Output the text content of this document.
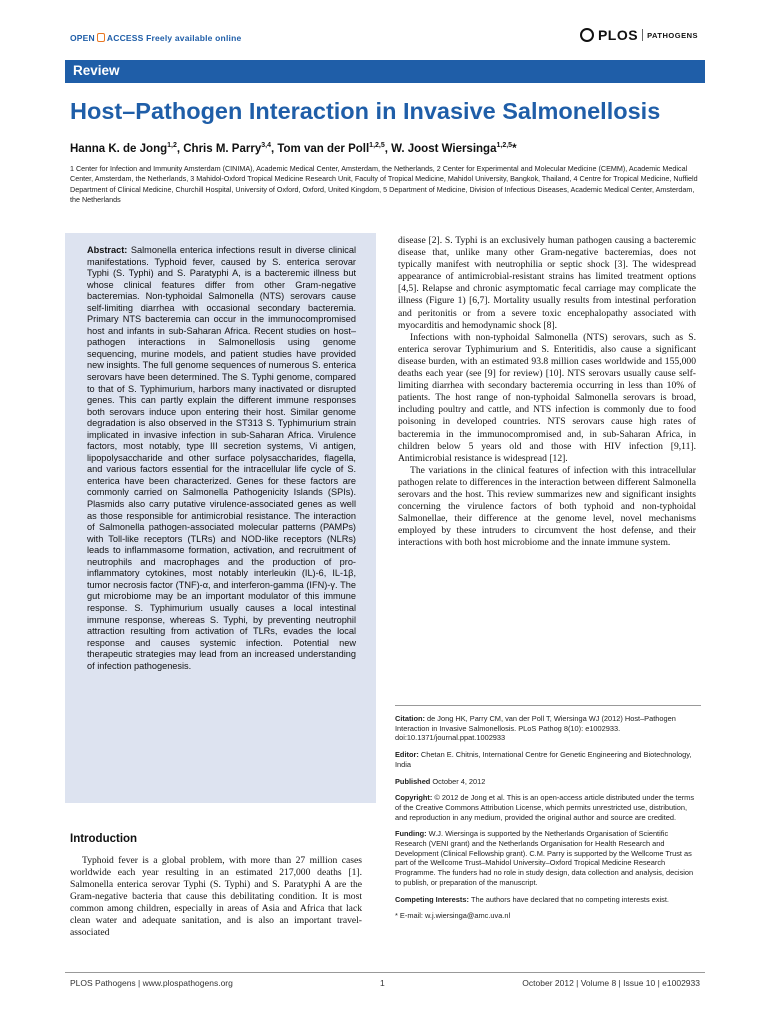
OPEN ACCESS Freely available online	PLOS PATHOGENS
Review
Host–Pathogen Interaction in Invasive Salmonellosis
Hanna K. de Jong$^{1,2}$, Chris M. Parry$^{3,4}$, Tom van der Poll$^{1,2,5}$, W. Joost Wiersinga$^{1,2,5}$*
1 Center for Infection and Immunity Amsterdam (CINIMA), Academic Medical Center, Amsterdam, the Netherlands, 2 Center for Experimental and Molecular Medicine (CEMM), Academic Medical Center, Amsterdam, the Netherlands, 3 Mahidol-Oxford Tropical Medicine Research Unit, Faculty of Tropical Medicine, Mahidol University, Bangkok, Thailand, 4 Centre for Tropical Medicine, Nuffield Department of Clinical Medicine, Churchill Hospital, University of Oxford, Oxford, United Kingdom, 5 Department of Medicine, Division of Infectious Diseases, Academic Medical Center, Amsterdam, the Netherlands
Abstract: Salmonella enterica infections result in diverse clinical manifestations. Typhoid fever, caused by S. enterica serovar Typhi (S. Typhi) and S. Paratyphi A, is a bacteremic illness but whose clinical features differ from other Gram-negative bacteremias. Non-typhoidal Salmonella (NTS) serovars cause self-limiting diarrhea with occasional secondary bacteremia. Primary NTS bacteremia can occur in the immunocompromised host and infants in sub-Saharan Africa. Recent studies on host–pathogen interactions in Salmonellosis using genome sequencing, murine models, and patient studies have provided new insights. The full genome sequences of numerous S. enterica serovars have been determined. The S. Typhi genome, compared to that of S. Typhimurium, harbors many inactivated or disrupted genes. This can partly explain the different immune responses both serovars induce upon entering their host. Similar genome degradation is also observed in the ST313 S. Typhimurium strain implicated in invasive infection in sub-Saharan Africa. Virulence factors, most notably, type III secretion systems, Vi antigen, lipopolysaccharide and other surface polysaccharides, flagella, and various factors essential for the intracellular life cycle of S. enterica have been characterized. Genes for these factors are commonly carried on Salmonella Pathogenicity Islands (SPIs). Plasmids also carry putative virulence-associated genes as well as those responsible for antimicrobial resistance. The interaction of Salmonella pathogen-associated molecular patterns (PAMPs) with Toll-like receptors (TLRs) and NOD-like receptors (NLRs) leads to inflammasome formation, activation, and recruitment of neutrophils and macrophages and the production of pro-inflammatory cytokines, most notably interleukin (IL)-6, IL-1β, tumor necrosis factor (TNF)-α, and interferon-gamma (IFN)-γ. The gut microbiome may be an important modulator of this immune response. S. Typhimurium usually causes a local intestinal immune response, whereas S. Typhi, by preventing neutrophil attraction resulting from activation of TLRs, evades the local response and causes systemic infection. Potential new therapeutic strategies may lead from an increased understanding of infection pathogenesis.
Introduction
Typhoid fever is a global problem, with more than 27 million cases worldwide each year resulting in an estimated 217,000 deaths [1]. Salmonella enterica serovar Typhi (S. Typhi) and S. Paratyphi A are the Gram-negative bacteria that cause this debilitating condition. It is most common among children, especially in areas of Asia and Africa that lack clean water and adequate sanitation, and is also an important travel-associated

disease [2]. S. Typhi is an exclusively human pathogen causing a bacteremic disease that, unlike many other Gram-negative bacteremias, does not typically manifest with neutrophilia or septic shock [3]. The widespread appearance of antimicrobial-resistant strains has limited treatment options [4,5]. Relapse and chronic asymptomatic fecal carriage may complicate the illness (Figure 1) [6,7]. Mortality usually results from intestinal perforation and peritonitis or from a severe toxic encephalopathy associated with myocarditis and hemodynamic shock [8].

Infections with non-typhoidal Salmonella (NTS) serovars, such as S. enterica serovar Typhimurium and S. Enteritidis, also cause a significant disease burden, with an estimated 93.8 million cases worldwide and 155,000 deaths each year (see [9] for review) [10]. NTS serovars usually cause self-limiting diarrhea with secondary bacteremia occurring in less than 10% of patients. The host range of non-typhoidal Salmonella serovars is broad, including poultry and cattle, and NTS infection is commonly due to food poisoning in developed countries. NTS serovars cause high rates of bacteremia in the immunocompromised and, in sub-Saharan Africa, in children below 5 years old and those with HIV infection [9,11]. Antimicrobial resistance is widespread [12].

The variations in the clinical features of infection with this intracellular pathogen relate to differences in the interaction between different Salmonella serovars and the host. This review summarizes new and significant insights concerning the virulence factors of both typhoid and non-typhoidal Salmonellae, their difference at the genome level, novel mechanisms employed by these intruders to circumvent the host defense, and their interactions with both host microbiome and the innate immune system.

Citation: de Jong HK, Parry CM, van der Poll T, Wiersinga WJ (2012) Host–Pathogen Interaction in Invasive Salmonellosis. PLoS Pathog 8(10): e1002933. doi:10.1371/journal.ppat.1002933
Editor: Chetan E. Chitnis, International Centre for Genetic Engineering and Biotechnology, India
Published October 4, 2012
Copyright: © 2012 de Jong et al. This is an open-access article distributed under the terms of the Creative Commons Attribution License, which permits unrestricted use, distribution, and reproduction in any medium, provided the original author and source are credited.
Funding: W.J. Wiersinga is supported by the Netherlands Organisation of Scientific Research (VENI grant) and the Netherlands Organisation for Health Research and Development (Clinical Fellowship grant). C.M. Parry is supported by the Wellcome Trust as part of the Wellcome Trust–Mahidol University–Oxford Tropical Medicine Research Programme. The funders had no role in study design, data collection and analysis, decision to publish, or preparation of the manuscript.
Competing Interests: The authors have declared that no competing interests exist.
* E-mail: w.j.wiersinga@amc.uva.nl
PLOS Pathogens | www.plospathogens.org	1	October 2012 | Volume 8 | Issue 10 | e1002933
